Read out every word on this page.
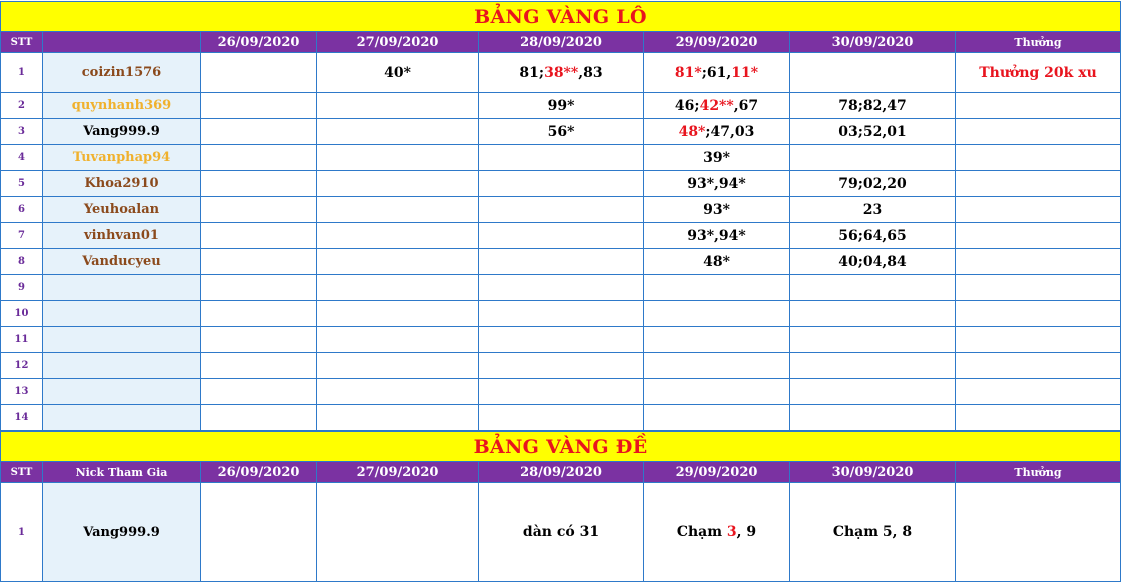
BẢNG VÀNG LÔ							
STT		26/09/2020	27/09/2020	28/09/2020	29/09/2020	30/09/2020	Thưởng
1	coizin1576		40*	81;38**,83	81*;61,11*		Thưởng 20k xu
2	quynhanh369			99*	46;42**,67	78;82,47	
3	Vang999.9			56*	48*;47,03	03;52,01	
4	Tuvanphap94				39*		
5	Khoa2910				93*,94*	79;02,20	
6	Yeuhoalan				93*	23	
7	vinhvan01				93*,94*	56;64,65	
8	Vanducyeu				48*	40;04,84	
9							
10							
11							
12							
13							
14							
BẢNG VÀNG ĐỀ							
STT	Nick Tham Gia	26/09/2020	27/09/2020	28/09/2020	29/09/2020	30/09/2020	Thưởng
1	Vang999.9			dàn có 31	Chạm 3, 9	Chạm 5, 8	
